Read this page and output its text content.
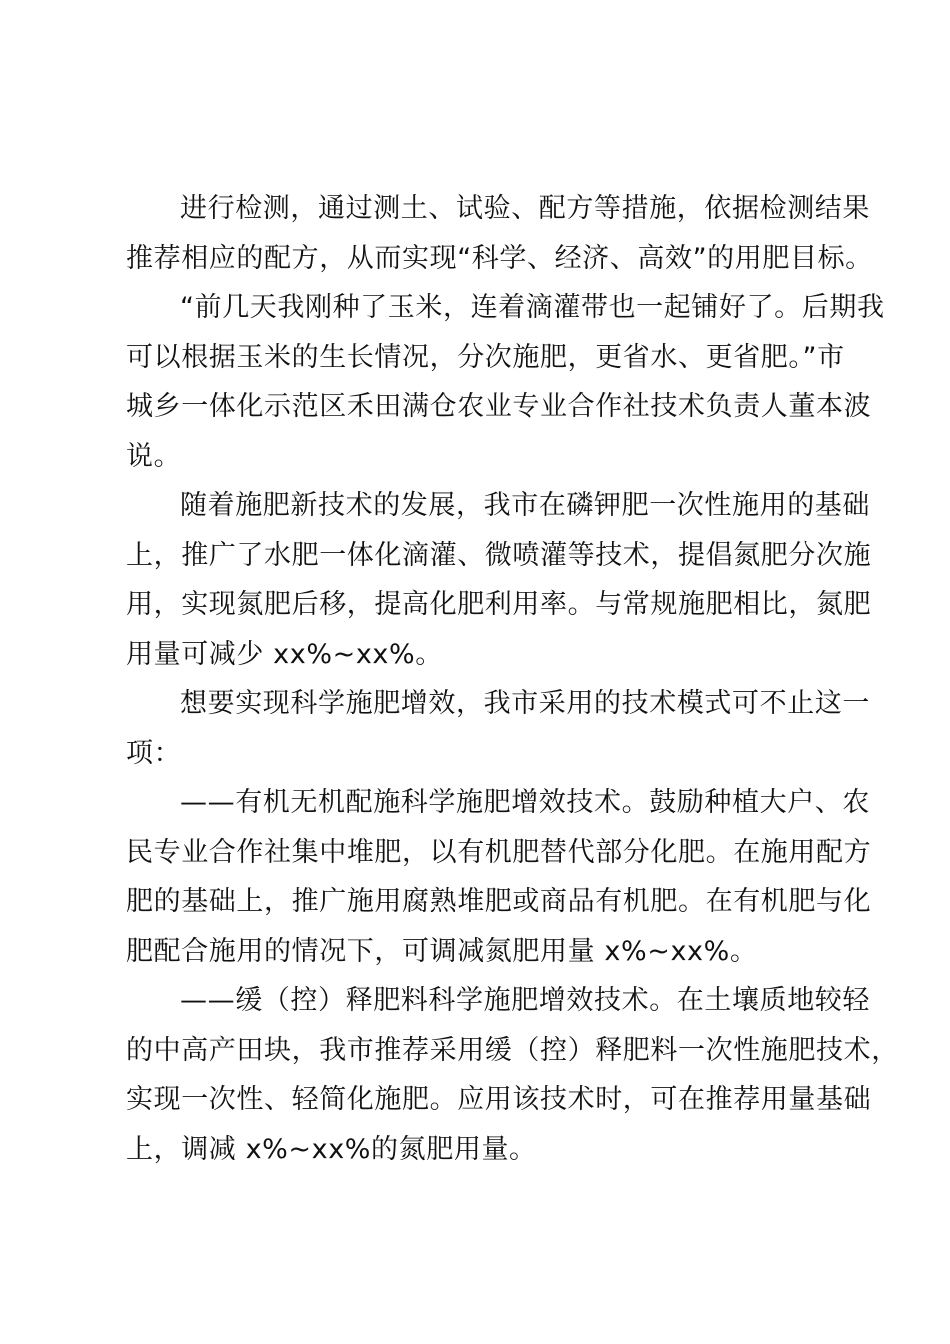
进行检测，通过测土、试验、配方等措施，依据检测结果
推荐相应的配方，从而实现“科学、经济、高效”的用肥目标。

“前几天我刚种了玉米，连着滴灌带也一起铺好了。后期我
可以根据玉米的生长情况，分次施肥，更省水、更省肥。”市
城乡一体化示范区禾田满仓农业专业合作社技术负责人董本波
说。

随着施肥新技术的发展，我市在磷钾肥一次性施用的基础
上，推广了水肥一体化滴灌、微喷灌等技术，提倡氮肥分次施
用，实现氮肥后移，提高化肥利用率。与常规施肥相比，氮肥
用量可减少 xx%~xx%。

想要实现科学施肥增效，我市采用的技术模式可不止这一
项：

——有机无机配施科学施肥增效技术。鼓励种植大户、农
民专业合作社集中堆肥，以有机肥替代部分化肥。在施用配方
肥的基础上，推广施用腐熟堆肥或商品有机肥。在有机肥与化
肥配合施用的情况下，可调减氮肥用量 x%~xx%。

——缓（控）释肥料科学施肥增效技术。在土壤质地较轻
的中高产田块，我市推荐采用缓（控）释肥料一次性施肥技术，
实现一次性、轻简化施肥。应用该技术时，可在推荐用量基础
上，调减 x%~xx%的氮肥用量。
